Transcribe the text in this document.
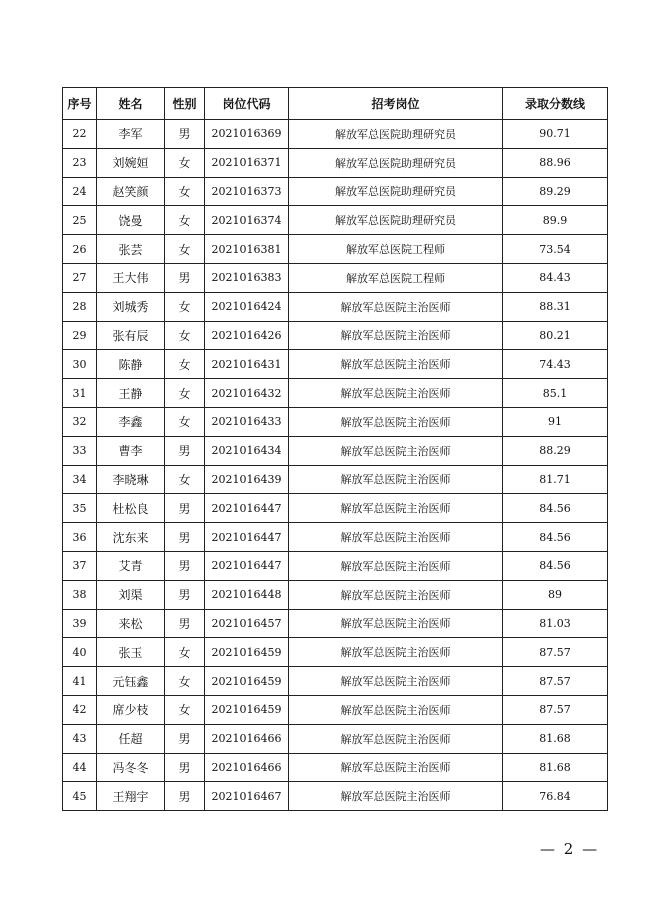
序号	姓名	性别	岗位代码	招考岗位	录取分数线
22	李军	男	2021016369	解放军总医院助理研究员	90.71
23	刘婉姮	女	2021016371	解放军总医院助理研究员	88.96
24	赵笑颜	女	2021016373	解放军总医院助理研究员	89.29
25	饶曼	女	2021016374	解放军总医院助理研究员	89.9
26	张芸	女	2021016381	解放军总医院工程师	73.54
27	王大伟	男	2021016383	解放军总医院工程师	84.43
28	刘城秀	女	2021016424	解放军总医院主治医师	88.31
29	张有辰	女	2021016426	解放军总医院主治医师	80.21
30	陈静	女	2021016431	解放军总医院主治医师	74.43
31	王静	女	2021016432	解放军总医院主治医师	85.1
32	李鑫	女	2021016433	解放军总医院主治医师	91
33	曹李	男	2021016434	解放军总医院主治医师	88.29
34	李晓琳	女	2021016439	解放军总医院主治医师	81.71
35	杜松良	男	2021016447	解放军总医院主治医师	84.56
36	沈东来	男	2021016447	解放军总医院主治医师	84.56
37	艾青	男	2021016447	解放军总医院主治医师	84.56
38	刘渠	男	2021016448	解放军总医院主治医师	89
39	来松	男	2021016457	解放军总医院主治医师	81.03
40	张玉	女	2021016459	解放军总医院主治医师	87.57
41	元钰鑫	女	2021016459	解放军总医院主治医师	87.57
42	席少枝	女	2021016459	解放军总医院主治医师	87.57
43	任超	男	2021016466	解放军总医院主治医师	81.68
44	冯冬冬	男	2021016466	解放军总医院主治医师	81.68
45	王翔宇	男	2021016467	解放军总医院主治医师	76.84
— 2 —
